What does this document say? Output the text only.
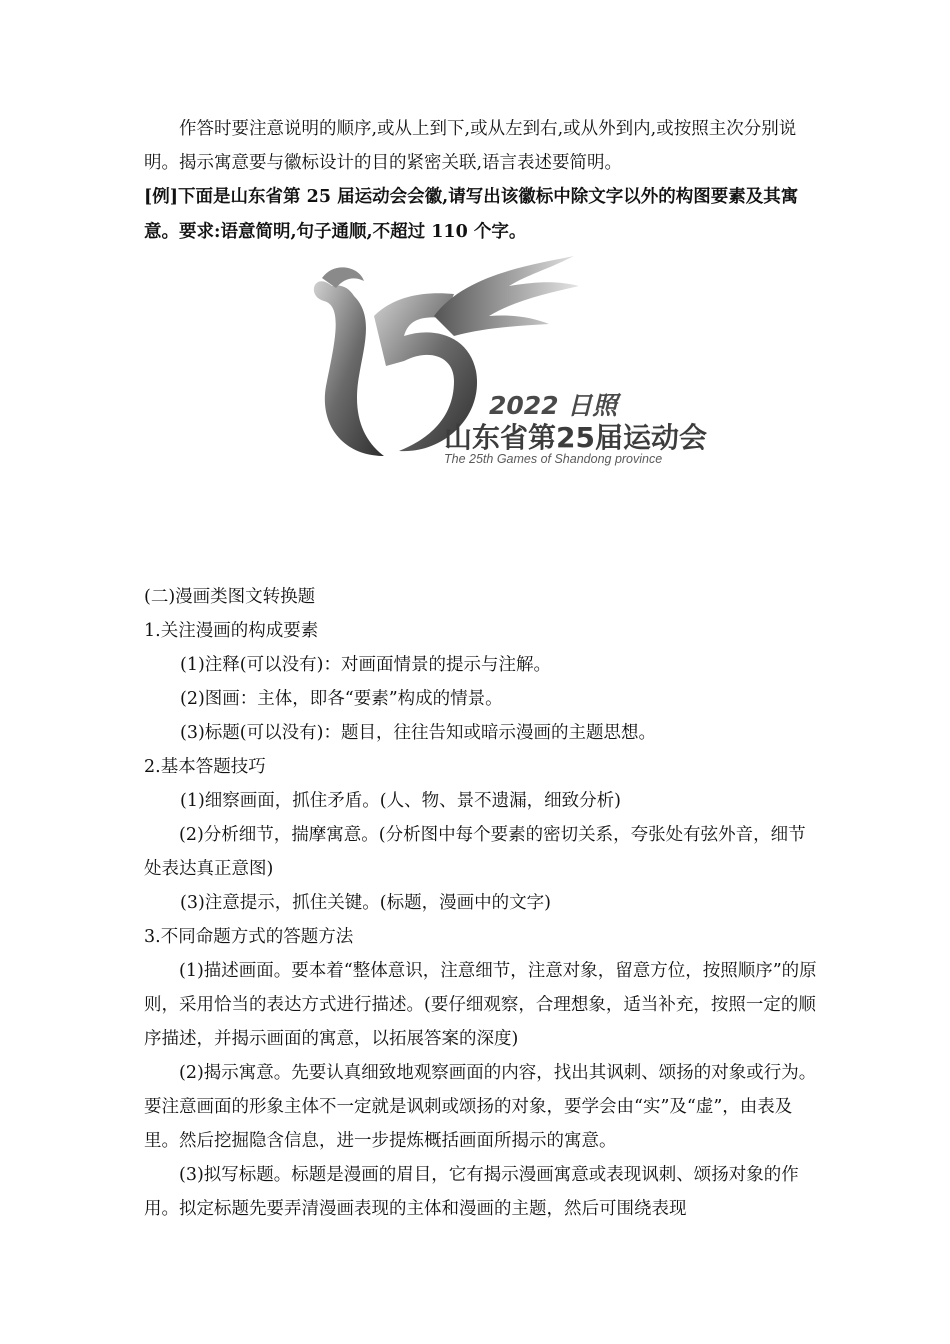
作答时要注意说明的顺序,或从上到下,或从左到右,或从外到内,或按照主次分别说明。揭示寓意要与徽标设计的目的紧密关联,语言表述要简明。

[例]下面是山东省第 25 届运动会会徽,请写出该徽标中除文字以外的构图要素及其寓意。要求:语意简明,句子通顺,不超过 110 个字。

2022 日照
山东省第25届运动会
The 25th Games of Shandong province

(二)漫画类图文转换题

1.关注漫画的构成要素

(1)注释(可以没有)：对画面情景的提示与注解。

(2)图画：主体，即各“要素”构成的情景。

(3)标题(可以没有)：题目，往往告知或暗示漫画的主题思想。

2.基本答题技巧

(1)细察画面，抓住矛盾。(人、物、景不遗漏，细致分析)

(2)分析细节，揣摩寓意。(分析图中每个要素的密切关系，夸张处有弦外音，细节处表达真正意图)

(3)注意提示，抓住关键。(标题，漫画中的文字)

3.不同命题方式的答题方法

(1)描述画面。要本着“整体意识，注意细节，注意对象，留意方位，按照顺序”的原则，采用恰当的表达方式进行描述。(要仔细观察，合理想象，适当补充，按照一定的顺序描述，并揭示画面的寓意，以拓展答案的深度)

(2)揭示寓意。先要认真细致地观察画面的内容，找出其讽刺、颂扬的对象或行为。要注意画面的形象主体不一定就是讽刺或颂扬的对象，要学会由“实”及“虚”，由表及里。然后挖掘隐含信息，进一步提炼概括画面所揭示的寓意。

(3)拟写标题。标题是漫画的眉目，它有揭示漫画寓意或表现讽刺、颂扬对象的作用。拟定标题先要弄清漫画表现的主体和漫画的主题，然后可围绕表现
